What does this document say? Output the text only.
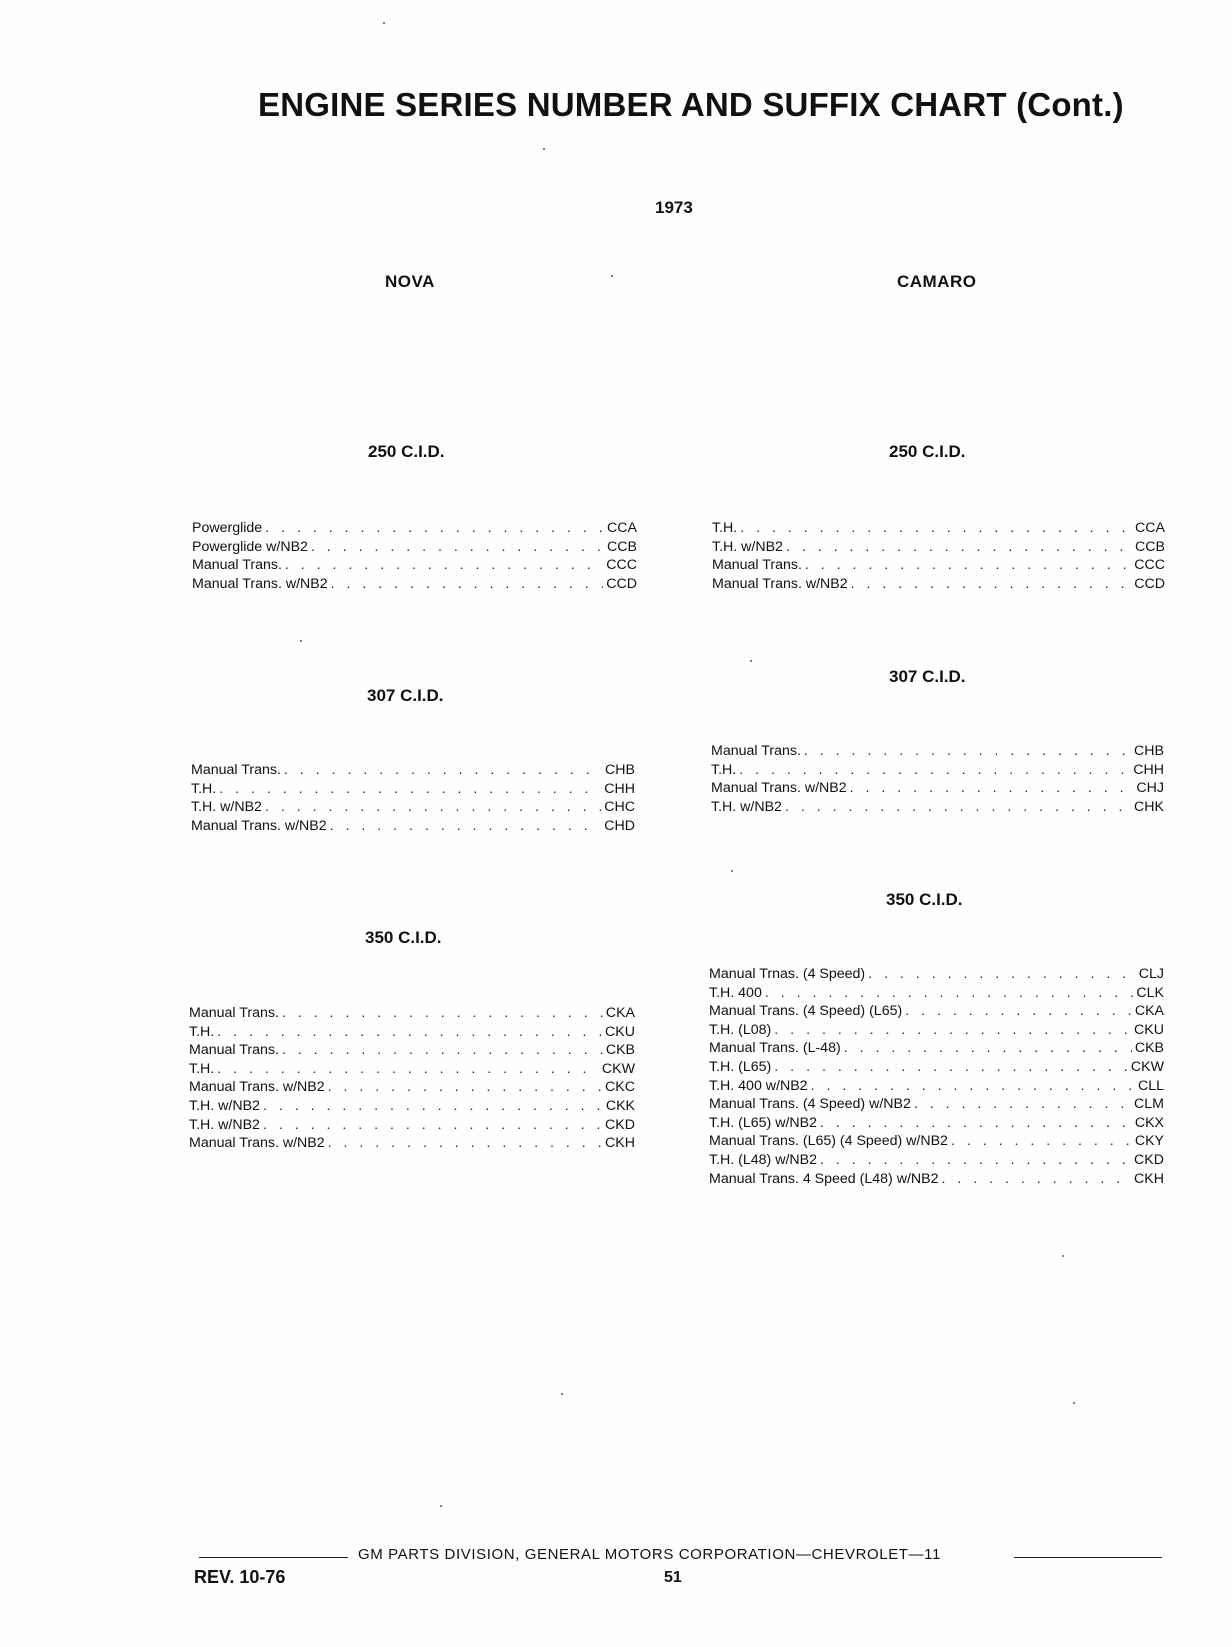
ENGINE SERIES NUMBER AND SUFFIX CHART (Cont.)
1973
NOVA	CAMARO
250 C.I.D.
Powerglide . . .	CCA
Powerglide w/NB2 . . .	CCB
Manual Trans. . . .	CCC
Manual Trans. w/NB2 . . .	CCD
307 C.I.D.
Manual Trans. . . .	CHB
T.H. . . .	CHH
T.H. w/NB2 . . .	CHC
Manual Trans. w/NB2 . . .	CHD
350 C.I.D.
Manual Trans. . . .	CKA
T.H. . . .	CKU
Manual Trans. . . .	CKB
T.H. . . .	CKW
Manual Trans. w/NB2 . . .	CKC
T.H. w/NB2 . . .	CKK
T.H. w/NB2 . . .	CKD
Manual Trans. w/NB2 . . .	CKH
250 C.I.D.
T.H. . . .	CCA
T.H. w/NB2 . . .	CCB
Manual Trans. . . .	CCC
Manual Trans. w/NB2 . . .	CCD
307 C.I.D.
Manual Trans. . . .	CHB
T.H. . . .	CHH
Manual Trans. w/NB2 . . .	CHJ
T.H. w/NB2 . . .	CHK
350 C.I.D.
Manual Trnas. (4 Speed) . . .	CLJ
T.H. 400 . . .	CLK
Manual Trans. (4 Speed) (L65) . . .	CKA
T.H. (L08) . . .	CKU
Manual Trans. (L-48) . . .	CKB
T.H. (L65) . . .	CKW
T.H. 400 w/NB2 . . .	CLL
Manual Trans. (4 Speed) w/NB2 . . .	CLM
T.H. (L65) w/NB2 . . .	CKX
Manual Trans. (L65) (4 Speed) w/NB2 . . .	CKY
T.H. (L48) w/NB2 . . .	CKD
Manual Trans. 4 Speed (L48) w/NB2 . . .	CKH
GM PARTS DIVISION, GENERAL MOTORS CORPORATION—CHEVROLET—11
REV. 10-76	51
